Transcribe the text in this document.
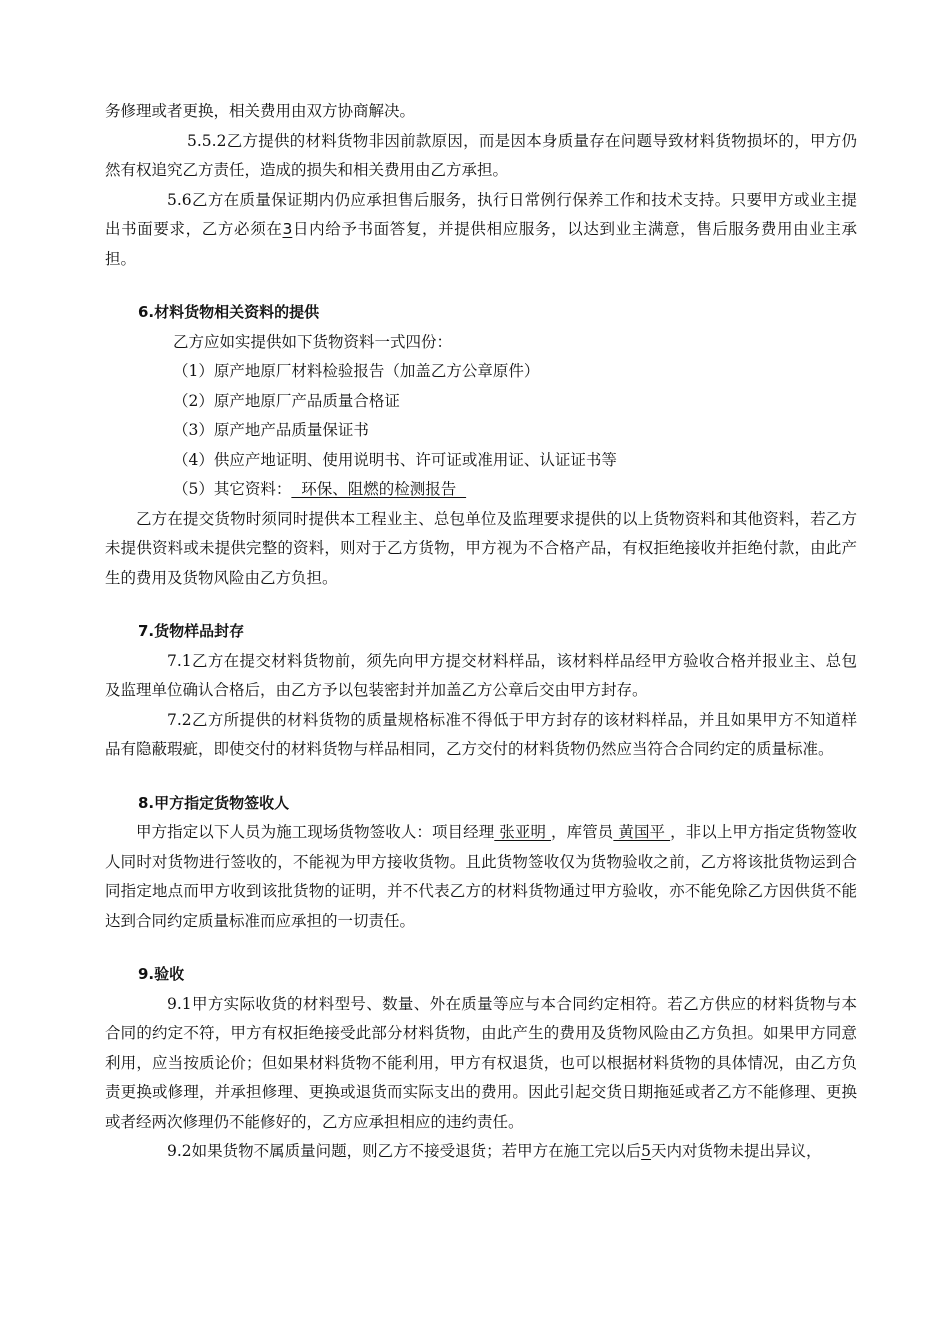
务修理或者更换，相关费用由双方协商解决。

5.5.2乙方提供的材料货物非因前款原因，而是因本身质量存在问题导致材料货物损坏的，甲方仍然有权追究乙方责任，造成的损失和相关费用由乙方承担。

5.6乙方在质量保证期内仍应承担售后服务，执行日常例行保养工作和技术支持。只要甲方或业主提出书面要求，乙方必须在3日内给予书面答复，并提供相应服务，以达到业主满意，售后服务费用由业主承担。

6.材料货物相关资料的提供

乙方应如实提供如下货物资料一式四份：

（1）原产地原厂材料检验报告（加盖乙方公章原件）

（2）原产地原厂产品质量合格证

（3）原产地产品质量保证书

（4）供应产地证明、使用说明书、许可证或准用证、认证证书等

（5）其它资料：  环保、阻燃的检测报告

乙方在提交货物时须同时提供本工程业主、总包单位及监理要求提供的以上货物资料和其他资料，若乙方未提供资料或未提供完整的资料，则对于乙方货物，甲方视为不合格产品，有权拒绝接收并拒绝付款，由此产生的费用及货物风险由乙方负担。

7.货物样品封存

7.1乙方在提交材料货物前，须先向甲方提交材料样品，该材料样品经甲方验收合格并报业主、总包及监理单位确认合格后，由乙方予以包装密封并加盖乙方公章后交由甲方封存。

7.2乙方所提供的材料货物的质量规格标准不得低于甲方封存的该材料样品，并且如果甲方不知道样品有隐蔽瑕疵，即使交付的材料货物与样品相同，乙方交付的材料货物仍然应当符合合同约定的质量标准。

8.甲方指定货物签收人

甲方指定以下人员为施工现场货物签收人：项目经理 张亚明 ，库管员 黄国平 ，非以上甲方指定货物签收人同时对货物进行签收的，不能视为甲方接收货物。且此货物签收仅为货物验收之前，乙方将该批货物运到合同指定地点而甲方收到该批货物的证明，并不代表乙方的材料货物通过甲方验收，亦不能免除乙方因供货不能达到合同约定质量标准而应承担的一切责任。

9.验收

9.1甲方实际收货的材料型号、数量、外在质量等应与本合同约定相符。若乙方供应的材料货物与本合同的约定不符，甲方有权拒绝接受此部分材料货物，由此产生的费用及货物风险由乙方负担。如果甲方同意利用，应当按质论价；但如果材料货物不能利用，甲方有权退货，也可以根据材料货物的具体情况，由乙方负责更换或修理，并承担修理、更换或退货而实际支出的费用。因此引起交货日期拖延或者乙方不能修理、更换或者经两次修理仍不能修好的，乙方应承担相应的违约责任。

9.2如果货物不属质量问题，则乙方不接受退货；若甲方在施工完以后5天内对货物未提出异议，
